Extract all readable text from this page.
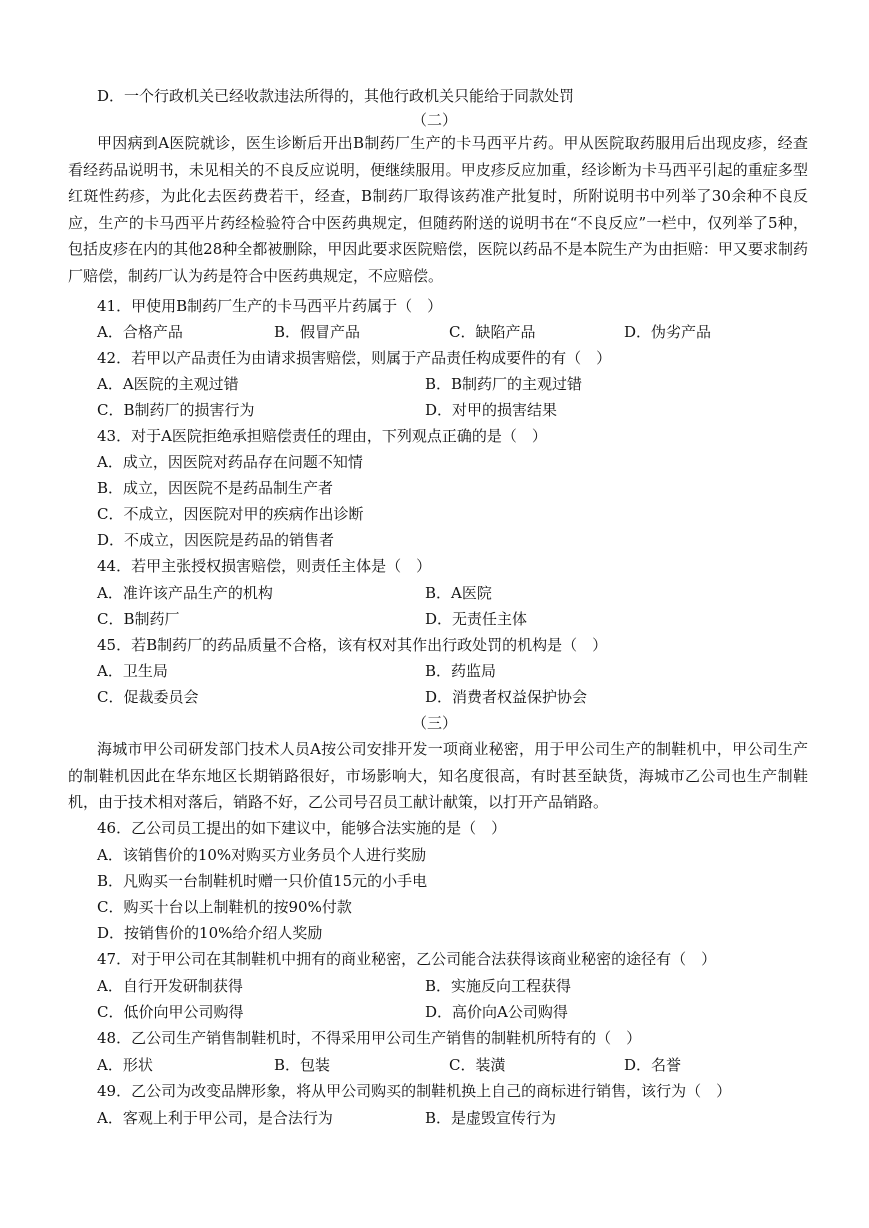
D．一个行政机关已经收款违法所得的，其他行政机关只能给于同款处罚
（二）
甲因病到A医院就诊，医生诊断后开出B制药厂生产的卡马西平片药。甲从医院取药服用后出现皮疹，经查看经药品说明书，未见相关的不良反应说明，便继续服用。甲皮疹反应加重，经诊断为卡马西平引起的重症多型红斑性药疹，为此化去医药费若干，经查，B制药厂取得该药准产批复时，所附说明书中列举了30余种不良反应，生产的卡马西平片药经检验符合中医药典规定，但随药附送的说明书在“不良反应”一栏中，仅列举了5种，包括皮疹在内的其他28种全都被删除，甲因此要求医院赔偿，医院以药品不是本院生产为由拒赔：甲又要求制药厂赔偿，制药厂认为药是符合中医药典规定，不应赔偿。
41．甲使用B制药厂生产的卡马西平片药属于（　）
A．合格产品	B．假冒产品	C．缺陷产品	D．伪劣产品
42．若甲以产品责任为由请求损害赔偿，则属于产品责任构成要件的有（　）
A．A医院的主观过错	B．B制药厂的主观过错
C．B制药厂的损害行为	D．对甲的损害结果
43．对于A医院拒绝承担赔偿责任的理由，下列观点正确的是（　）
A．成立，因医院对药品存在问题不知情
B．成立，因医院不是药品制生产者
C．不成立，因医院对甲的疾病作出诊断
D．不成立，因医院是药品的销售者
44．若甲主张授权损害赔偿，则责任主体是（　）
A．准许该产品生产的机构	B．A医院
C．B制药厂	D．无责任主体
45．若B制药厂的药品质量不合格，该有权对其作出行政处罚的机构是（　）
A．卫生局	B．药监局
C．促裁委员会	D．消费者权益保护协会
（三）
海城市甲公司研发部门技术人员A按公司安排开发一项商业秘密，用于甲公司生产的制鞋机中，甲公司生产的制鞋机因此在华东地区长期销路很好，市场影响大，知名度很高，有时甚至缺货，海城市乙公司也生产制鞋机，由于技术相对落后，销路不好，乙公司号召员工献计献策，以打开产品销路。
46．乙公司员工提出的如下建议中，能够合法实施的是（　）
A．该销售价的10%对购买方业务员个人进行奖励
B．凡购买一台制鞋机时赠一只价值15元的小手电
C．购买十台以上制鞋机的按90%付款
D．按销售价的10%给介绍人奖励
47．对于甲公司在其制鞋机中拥有的商业秘密，乙公司能合法获得该商业秘密的途径有（　）
A．自行开发研制获得	B．实施反向工程获得
C．低价向甲公司购得	D．高价向A公司购得
48．乙公司生产销售制鞋机时，不得采用甲公司生产销售的制鞋机所特有的（　）
A．形状	B．包装	C．装潢	D．名誉
49．乙公司为改变品牌形象，将从甲公司购买的制鞋机换上自己的商标进行销售，该行为（　）
A．客观上利于甲公司，是合法行为	B．是虚毁宣传行为
